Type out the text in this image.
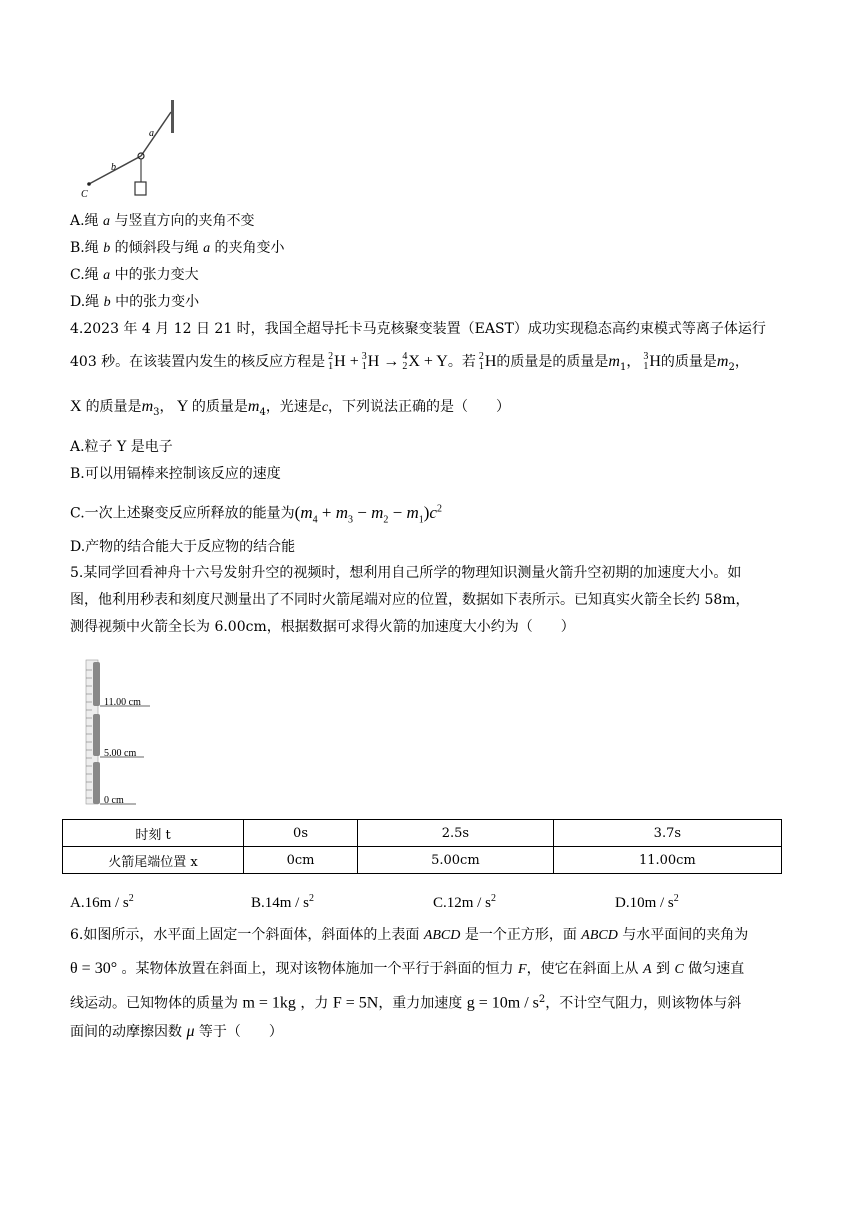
a
b
C
A.绳 a 与竖直方向的夹角不变
B.绳 b 的倾斜段与绳 a 的夹角变小
C.绳 a 中的张力变大
D.绳 b 中的张力变小
4.2023 年 4 月 12 日 21 时，我国全超导托卡马克核聚变装置（EAST）成功实现稳态高约束模式等离子体运行
403 秒。在该装置内发生的核反应方程是 2
1 H + 3
1 H → 4
2 X + Y。若 2
1 H的质量是的质量是$m_1$， 3
1 H的质量是$m_2$，
X 的质量是$m_3$， Y 的质量是$m_4$，光速是c，下列说法正确的是（　　）
A.粒子 Y 是电子
B.可以用镉棒来控制该反应的速度
C.一次上述聚变反应所释放的能量为$(m_4 + m_3 - m_2 - m_1)c^2$
D.产物的结合能大于反应物的结合能
5.某同学回看神舟十六号发射升空的视频时，想利用自己所学的物理知识测量火箭升空初期的加速度大小。如
图，他利用秒表和刻度尺测量出了不同时火箭尾端对应的位置，数据如下表所示。已知真实火箭全长约 58m，
测得视频中火箭全长为 6.00cm，根据数据可求得火箭的加速度大小约为（　　）
11.00 cm
5.00 cm
0 cm
时刻 t	0s	2.5s	3.7s
火箭尾端位置 x	0cm	5.00cm	11.00cm
$A.16m / s^2$	$B.14m / s^2$	$C.12m / s^2$	$D.10m / s^2$
6.如图所示，水平面上固定一个斜面体，斜面体的上表面 ABCD 是一个正方形，面 ABCD 与水平面间的夹角为
θ = 30° 。某物体放置在斜面上，现对该物体施加一个平行于斜面的恒力 F，使它在斜面上从 A 到 C 做匀速直
线运动。已知物体的质量为 m = 1kg ，力 F = 5N，重力加速度 $g = 10m / s^2$，不计空气阻力，则该物体与斜
面间的动摩擦因数 μ 等于（　　）
